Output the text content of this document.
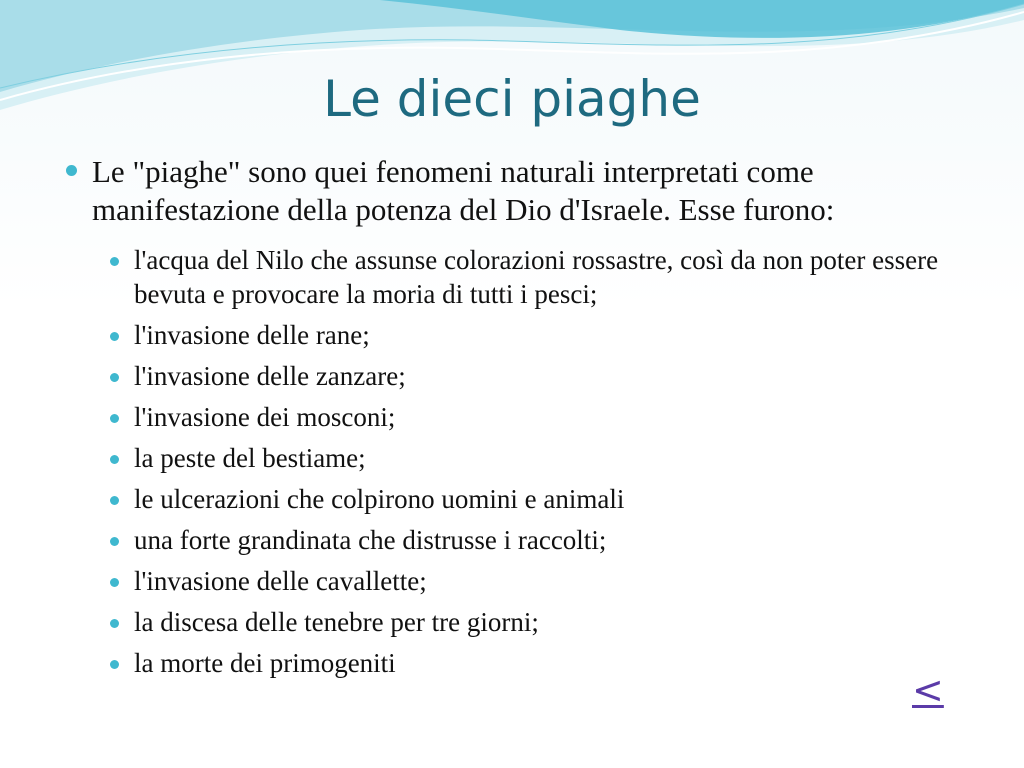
Le dieci piaghe
Le "piaghe" sono quei fenomeni naturali interpretati come manifestazione della potenza del Dio d'Israele. Esse furono:
l'acqua del Nilo che assunse colorazioni rossastre, così da non poter essere bevuta e provocare la moria di tutti i pesci;
l'invasione delle rane;
l'invasione delle zanzare;
l'invasione dei mosconi;
la peste del bestiame;
le ulcerazioni che colpirono uomini e animali
una forte grandinata che distrusse i raccolti;
l'invasione delle cavallette;
la discesa delle tenebre per tre giorni;
la morte dei primogeniti
<
